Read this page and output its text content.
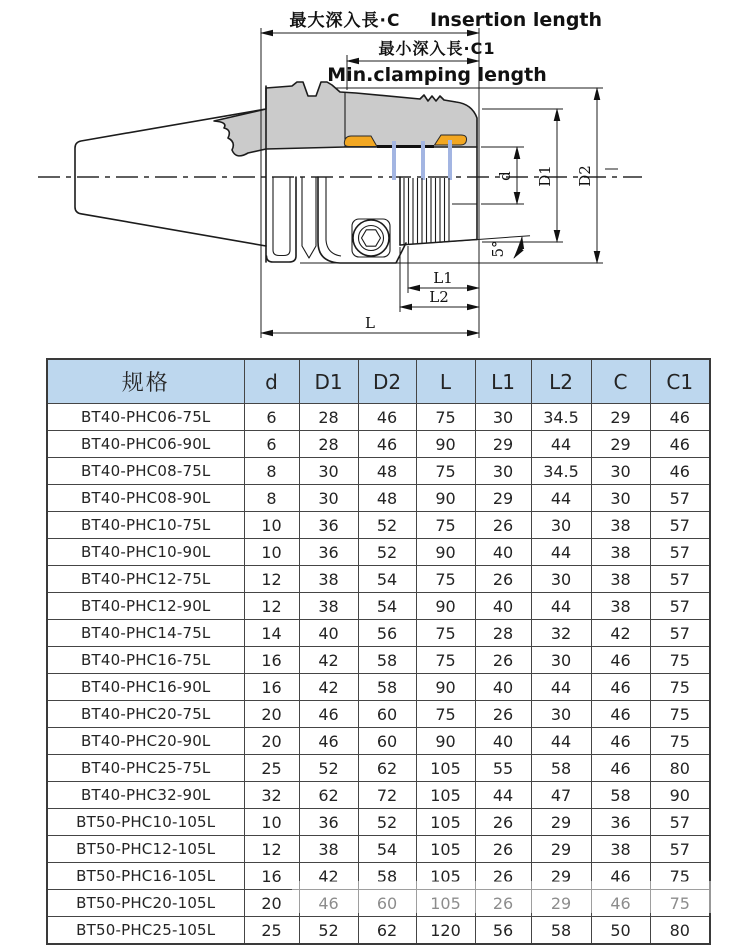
最大深入長·C Insertion length
最小深入長·C1
Min.clamping length
L1
L2
L
d D1 D2
5°
规格	d	D1	D2	L	L1	L2	C	C1
BT40-PHC06-75L	6	28	46	75	30	34.5	29	46
BT40-PHC06-90L	6	28	46	90	29	44	29	46
BT40-PHC08-75L	8	30	48	75	30	34.5	30	46
BT40-PHC08-90L	8	30	48	90	29	44	30	57
BT40-PHC10-75L	10	36	52	75	26	30	38	57
BT40-PHC10-90L	10	36	52	90	40	44	38	57
BT40-PHC12-75L	12	38	54	75	26	30	38	57
BT40-PHC12-90L	12	38	54	90	40	44	38	57
BT40-PHC14-75L	14	40	56	75	28	32	42	57
BT40-PHC16-75L	16	42	58	75	26	30	46	75
BT40-PHC16-90L	16	42	58	90	40	44	46	75
BT40-PHC20-75L	20	46	60	75	26	30	46	75
BT40-PHC20-90L	20	46	60	90	40	44	46	75
BT40-PHC25-75L	25	52	62	105	55	58	46	80
BT40-PHC32-90L	32	62	72	105	44	47	58	90
BT50-PHC10-105L	10	36	52	105	26	29	36	57
BT50-PHC12-105L	12	38	54	105	26	29	38	57
BT50-PHC16-105L	16	42	58	105	26	29	46	75
BT50-PHC20-105L	20	46	60	105	26	29	46	75
BT50-PHC25-105L	25	52	62	120	56	58	50	80
